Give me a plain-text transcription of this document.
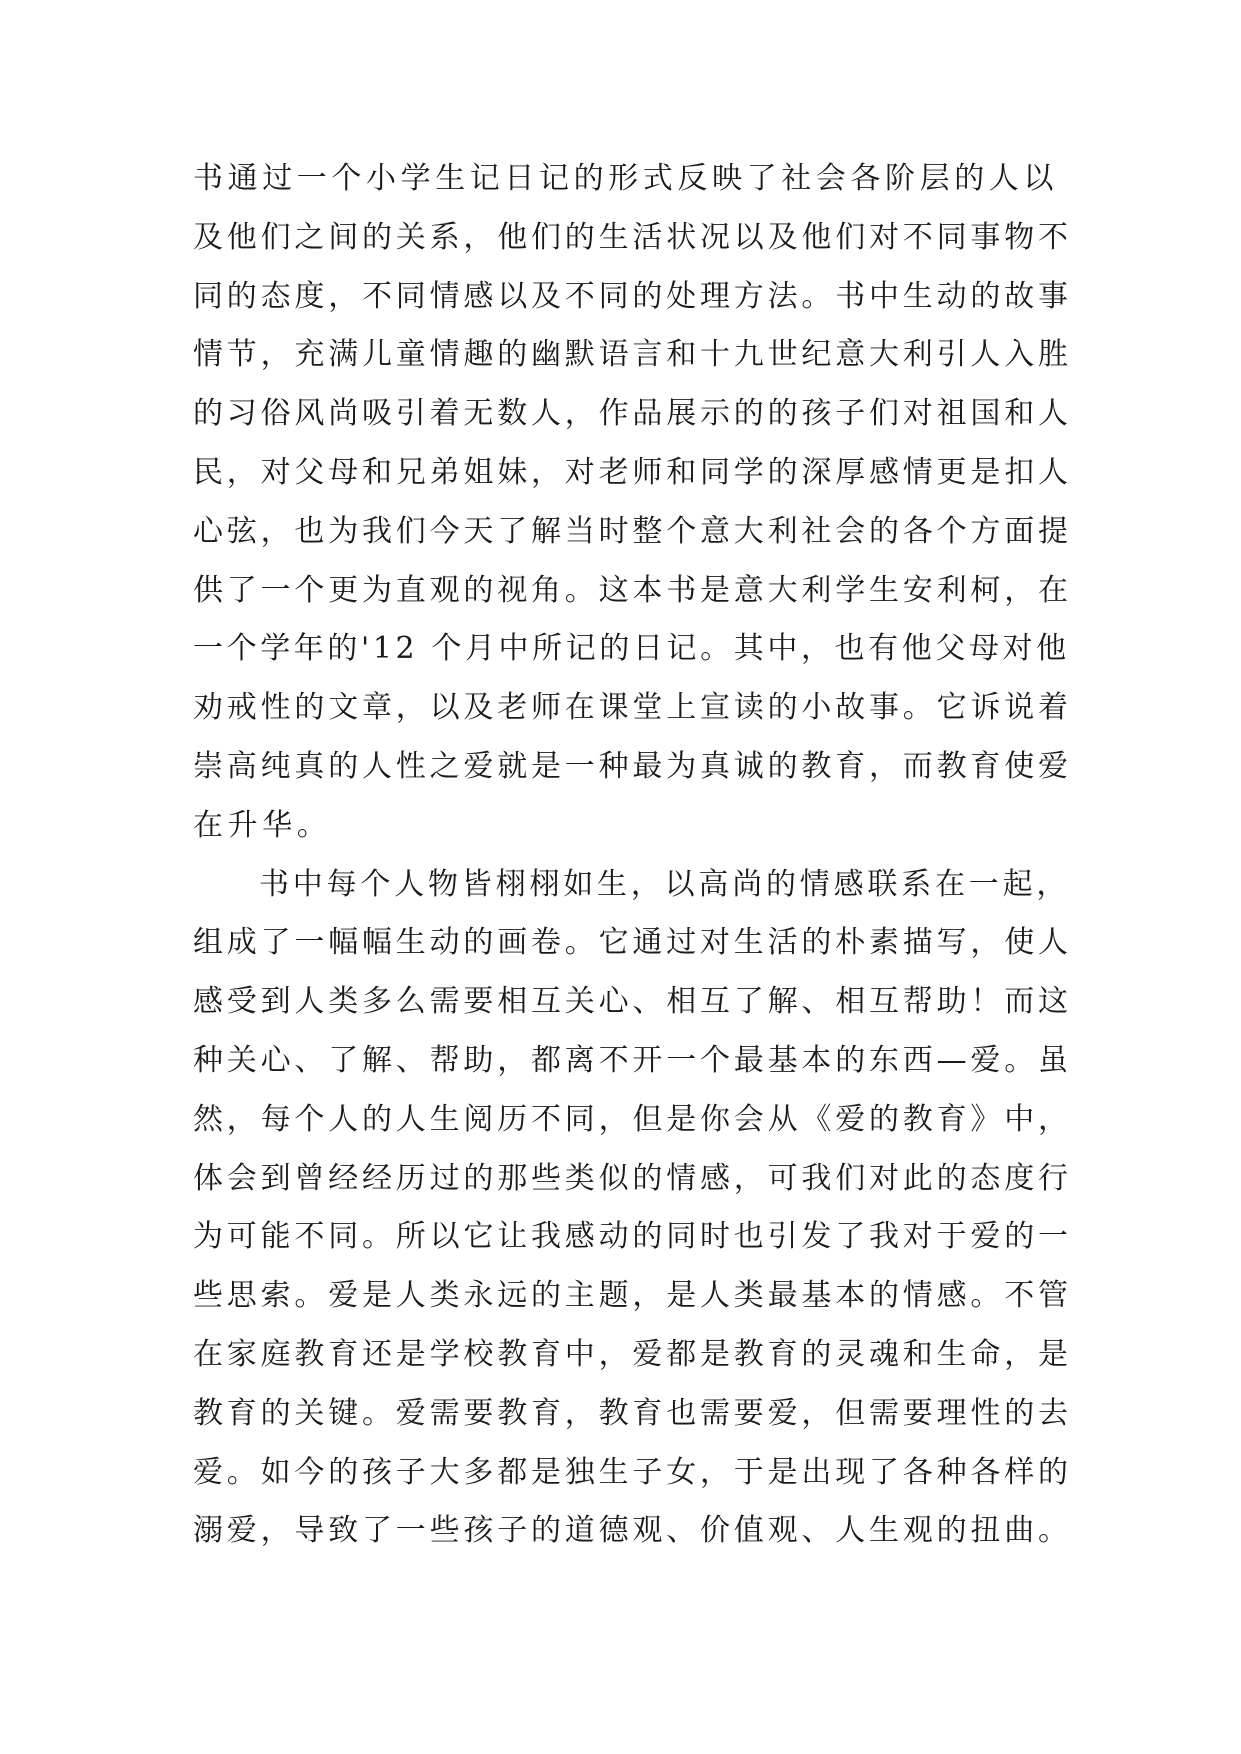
书通过一个小学生记日记的形式反映了社会各阶层的人以
及他们之间的关系，他们的生活状况以及他们对不同事物不
同的态度，不同情感以及不同的处理方法。书中生动的故事
情节，充满儿童情趣的幽默语言和十九世纪意大利引人入胜
的习俗风尚吸引着无数人，作品展示的的孩子们对祖国和人
民，对父母和兄弟姐妹，对老师和同学的深厚感情更是扣人
心弦，也为我们今天了解当时整个意大利社会的各个方面提
供了一个更为直观的视角。这本书是意大利学生安利柯，在
一个学年的'12 个月中所记的日记。其中，也有他父母对他
劝戒性的文章，以及老师在课堂上宣读的小故事。它诉说着
崇高纯真的人性之爱就是一种最为真诚的教育，而教育使爱
在升华。
书中每个人物皆栩栩如生，以高尚的情感联系在一起，
组成了一幅幅生动的画卷。它通过对生活的朴素描写，使人
感受到人类多么需要相互关心、相互了解、相互帮助！而这
种关心、了解、帮助，都离不开一个最基本的东西—爱。虽
然，每个人的人生阅历不同，但是你会从《爱的教育》中，
体会到曾经经历过的那些类似的情感，可我们对此的态度行
为可能不同。所以它让我感动的同时也引发了我对于爱的一
些思索。爱是人类永远的主题，是人类最基本的情感。不管
在家庭教育还是学校教育中，爱都是教育的灵魂和生命，是
教育的关键。爱需要教育，教育也需要爱，但需要理性的去
爱。如今的孩子大多都是独生子女，于是出现了各种各样的
溺爱，导致了一些孩子的道德观、价值观、人生观的扭曲。
